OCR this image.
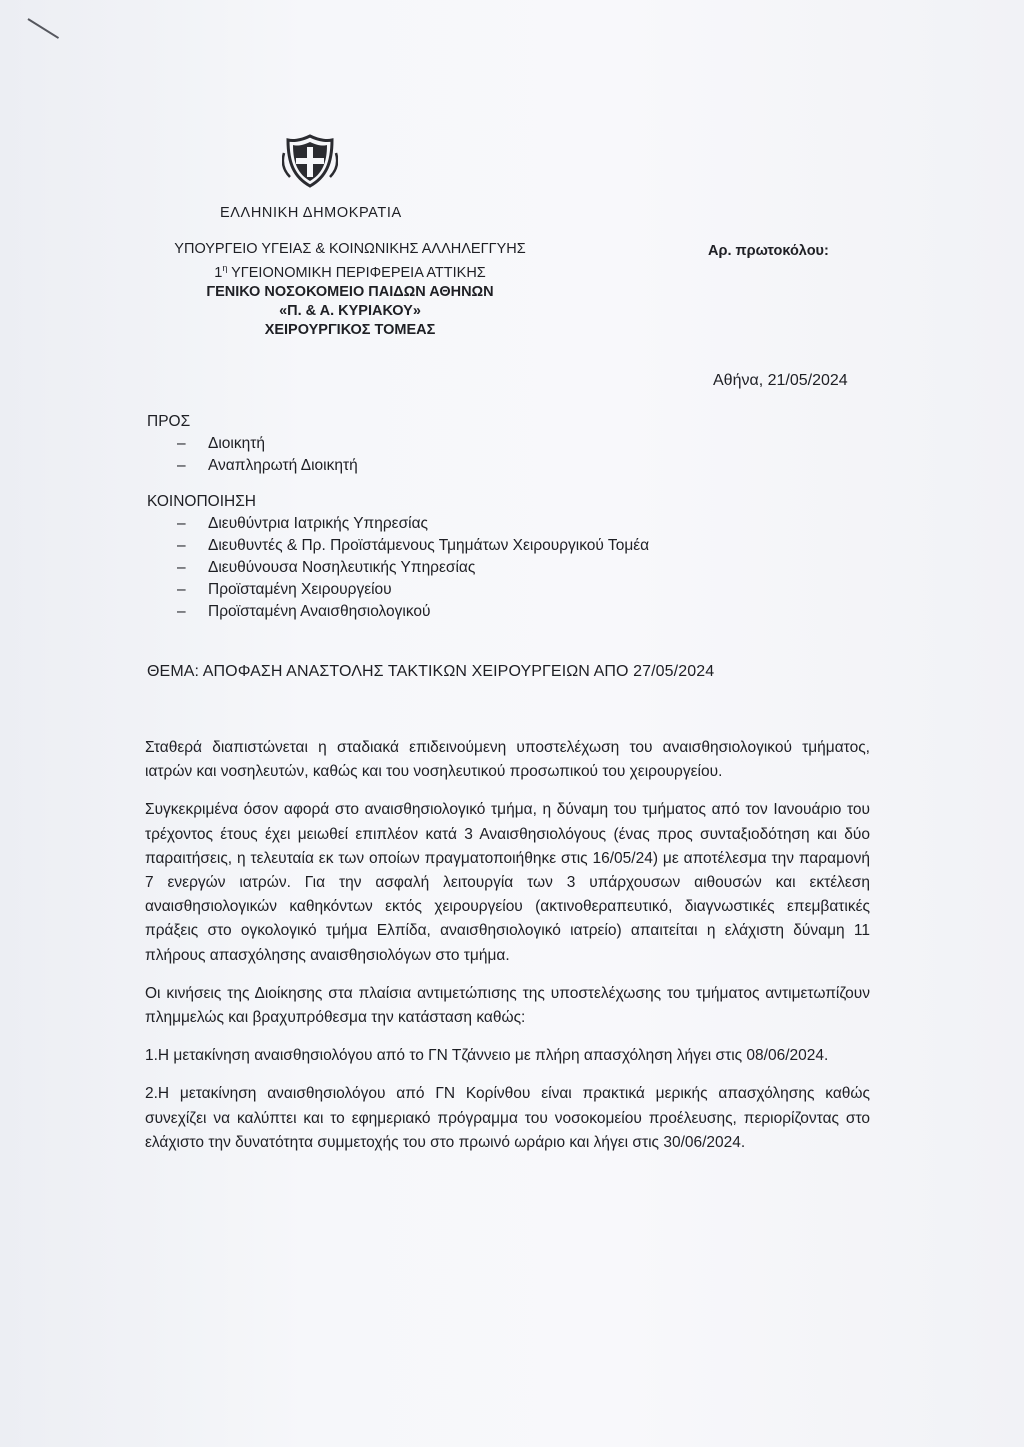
ΕΛΛΗΝΙΚΗ ΔΗΜΟΚΡΑΤΙΑ
ΥΠΟΥΡΓΕΙΟ ΥΓΕΙΑΣ & ΚΟΙΝΩΝΙΚΗΣ ΑΛΛΗΛΕΓΓΥΗΣ
$1^\eta$ ΥΓΕΙΟΝΟΜΙΚΗ ΠΕΡΙΦΕΡΕΙΑ ΑΤΤΙΚΗΣ
ΓΕΝΙΚΟ ΝΟΣΟΚΟΜΕΙΟ ΠΑΙΔΩΝ ΑΘΗΝΩΝ
«Π. & Α. ΚΥΡΙΑΚΟΥ»
ΧΕΙΡΟΥΡΓΙΚΟΣ ΤΟΜΕΑΣ
Αρ. πρωτοκόλου:
Αθήνα, 21/05/2024
ΠΡΟΣ
– Διοικητή
– Αναπληρωτή Διοικητή
ΚΟΙΝΟΠΟΙΗΣΗ
– Διευθύντρια Ιατρικής Υπηρεσίας
– Διευθυντές & Πρ. Προϊστάμενους Τμημάτων Χειρουργικού Τομέα
– Διευθύνουσα Νοσηλευτικής Υπηρεσίας
– Προϊσταμένη Χειρουργείου
– Προϊσταμένη Αναισθησιολογικού
ΘΕΜΑ: ΑΠΟΦΑΣΗ ΑΝΑΣΤΟΛΗΣ ΤΑΚΤΙΚΩΝ ΧΕΙΡΟΥΡΓΕΙΩΝ ΑΠΟ 27/05/2024

Σταθερά διαπιστώνεται η σταδιακά επιδεινούμενη υποστελέχωση του αναισθησιολογικού τμήματος, ιατρών και νοσηλευτών, καθώς και του νοσηλευτικού προσωπικού του χειρουργείου.

Συγκεκριμένα όσον αφορά στο αναισθησιολογικό τμήμα, η δύναμη του τμήματος από τον Ιανουάριο του τρέχοντος έτους έχει μειωθεί επιπλέον κατά 3 Αναισθησιολόγους (ένας προς συνταξιοδότηση και δύο παραιτήσεις, η τελευταία εκ των οποίων πραγματοποιήθηκε στις 16/05/24) με αποτέλεσμα την παραμονή 7 ενεργών ιατρών. Για την ασφαλή λειτουργία των 3 υπάρχουσων αιθουσών και εκτέλεση αναισθησιολογικών καθηκόντων εκτός χειρουργείου (ακτινοθεραπευτικό, διαγνωστικές επεμβατικές πράξεις στο ογκολογικό τμήμα Ελπίδα, αναισθησιολογικό ιατρείο) απαιτείται η ελάχιστη δύναμη 11 πλήρους απασχόλησης αναισθησιολόγων στο τμήμα.

Οι κινήσεις της Διοίκησης στα πλαίσια αντιμετώπισης της υποστελέχωσης του τμήματος αντιμετωπίζουν πλημμελώς και βραχυπρόθεσμα την κατάσταση καθώς:

1.Η μετακίνηση αναισθησιολόγου από το ΓΝ Τζάννειο με πλήρη απασχόληση λήγει στις 08/06/2024.

2.Η μετακίνηση αναισθησιολόγου από ΓΝ Κορίνθου είναι πρακτικά μερικής απασχόλησης καθώς συνεχίζει να καλύπτει και το εφημεριακό πρόγραμμα του νοσοκομείου προέλευσης, περιορίζοντας στο ελάχιστο την δυνατότητα συμμετοχής του στο πρωινό ωράριο και λήγει στις 30/06/2024.
